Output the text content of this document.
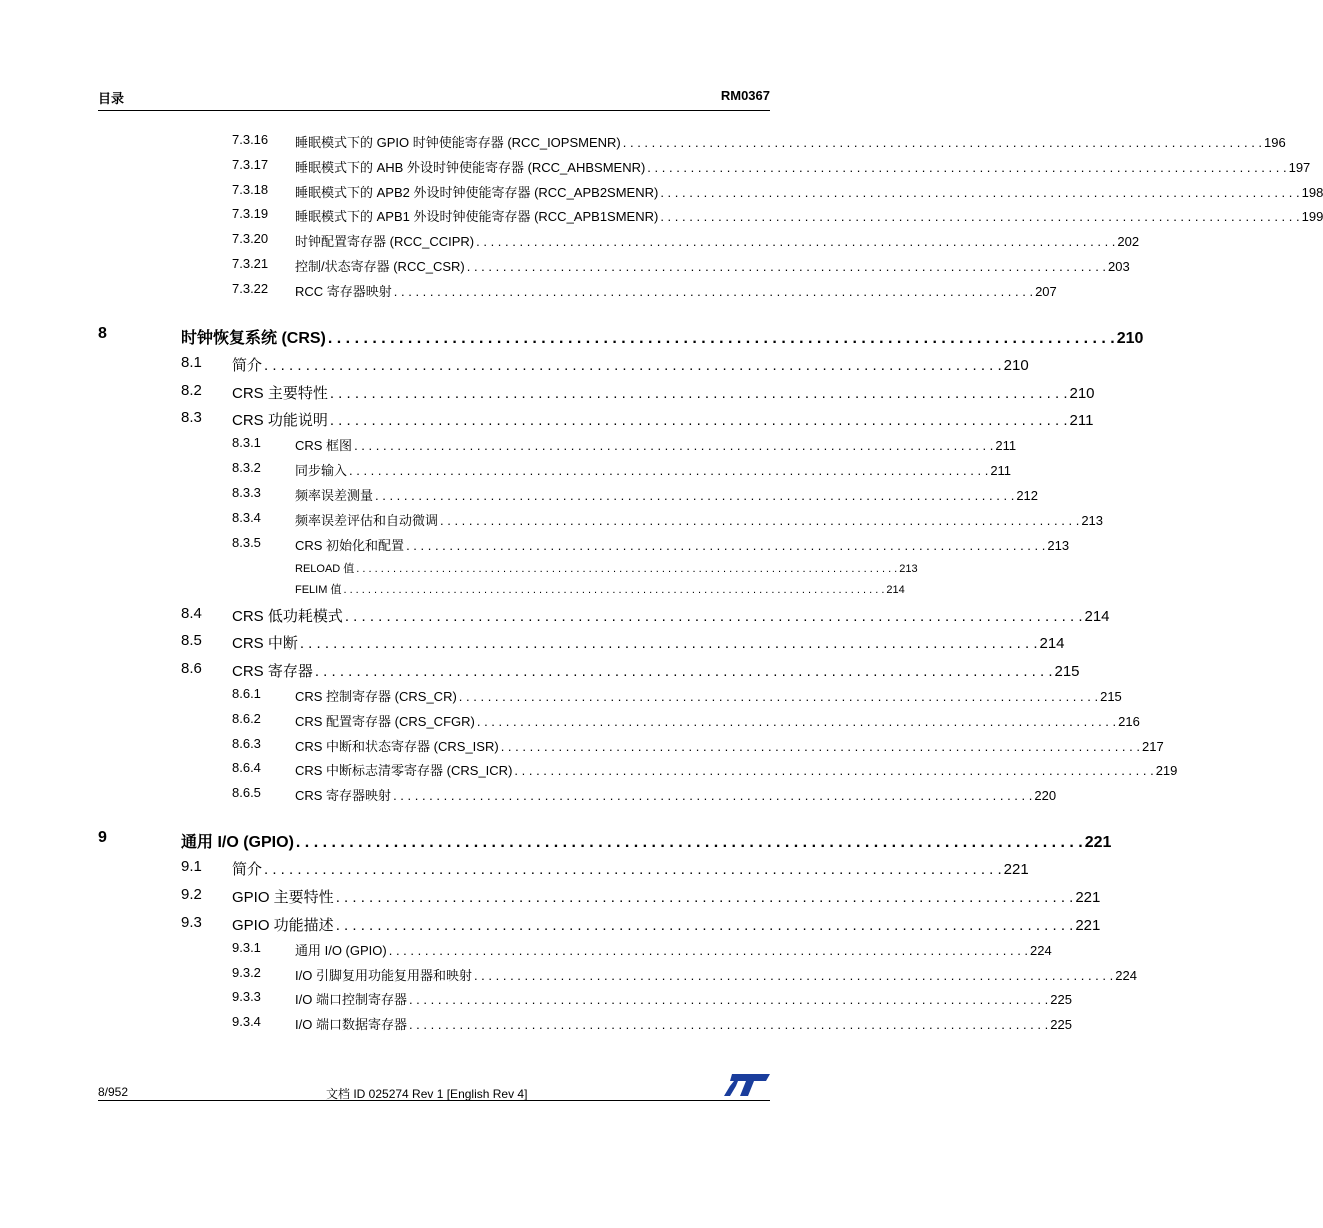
目录	RM0367
7.3.16 睡眠模式下的 GPIO 时钟使能寄存器 (RCC_IOPSMENR) . . . . . . . . . . . . . . . . . . . . . . . . . . . . . . . . . . . . . . . . . . . . . . . . . . . . . . . . . . . . . . . . . . . . . . . . . . . . . . . . . . . . . . . . . 196
7.3.17 睡眠模式下的 AHB 外设时钟使能寄存器 (RCC_AHBSMENR) . . . . . . . . . . . . . . . . . . . . . . . . . . . . . . . . . . . . . . . . . . . . . . . . . . . . . . . . . . . . . . . . . . . . . . . . . . . . . . . . . . . . . . . . . 197
7.3.18 睡眠模式下的 APB2 外设时钟使能寄存器 (RCC_APB2SMENR) . . . . . . . . . . . . . . . . . . . . . . . . . . . . . . . . . . . . . . . . . . . . . . . . . . . . . . . . . . . . . . . . . . . . . . . . . . . . . . . . . . . . . . . . . 198
7.3.19 睡眠模式下的 APB1 外设时钟使能寄存器 (RCC_APB1SMENR) . . . . . . . . . . . . . . . . . . . . . . . . . . . . . . . . . . . . . . . . . . . . . . . . . . . . . . . . . . . . . . . . . . . . . . . . . . . . . . . . . . . . . . . . . 199
7.3.20 时钟配置寄存器 (RCC_CCIPR) . . . . . . . . . . . . . . . . . . . . . . . . . . . . . . . . . . . . . . . . . . . . . . . . . . . . . . . . . . . . . . . . . . . . . . . . . . . . . . . . . . . . . . . . . 202
7.3.21 控制/状态寄存器 (RCC_CSR) . . . . . . . . . . . . . . . . . . . . . . . . . . . . . . . . . . . . . . . . . . . . . . . . . . . . . . . . . . . . . . . . . . . . . . . . . . . . . . . . . . . . . . . . . 203
7.3.22 RCC 寄存器映射 . . . . . . . . . . . . . . . . . . . . . . . . . . . . . . . . . . . . . . . . . . . . . . . . . . . . . . . . . . . . . . . . . . . . . . . . . . . . . . . . . . . . . . . . . 207
8	时钟恢复系统 (CRS) . . . . . . . . . . . . . . . . . . . . . . . . . . . . . . . . . . . . . . . . . . . . . . . . . . . . . . . . . . . . . . . . . . . . . . . . . . . . . . . . . . . . . . . . . 210
8.1 简介 . . . . . . . . . . . . . . . . . . . . . . . . . . . . . . . . . . . . . . . . . . . . . . . . . . . . . . . . . . . . . . . . . . . . . . . . . . . . . . . . . . . . . . . . . 210
8.2 CRS 主要特性 . . . . . . . . . . . . . . . . . . . . . . . . . . . . . . . . . . . . . . . . . . . . . . . . . . . . . . . . . . . . . . . . . . . . . . . . . . . . . . . . . . . . . . . . . 210
8.3 CRS 功能说明 . . . . . . . . . . . . . . . . . . . . . . . . . . . . . . . . . . . . . . . . . . . . . . . . . . . . . . . . . . . . . . . . . . . . . . . . . . . . . . . . . . . . . . . . . 211
8.3.1	CRS 框图 . . . . . . . . . . . . . . . . . . . . . . . . . . . . . . . . . . . . . . . . . . . . . . . . . . . . . . . . . . . . . . . . . . . . . . . . . . . . . . . . . . . . . . . . . 211
8.3.2	同步输入 . . . . . . . . . . . . . . . . . . . . . . . . . . . . . . . . . . . . . . . . . . . . . . . . . . . . . . . . . . . . . . . . . . . . . . . . . . . . . . . . . . . . . . . . . 211
8.3.3	频率误差测量 . . . . . . . . . . . . . . . . . . . . . . . . . . . . . . . . . . . . . . . . . . . . . . . . . . . . . . . . . . . . . . . . . . . . . . . . . . . . . . . . . . . . . . . . . 212
8.3.4	频率误差评估和自动微调 . . . . . . . . . . . . . . . . . . . . . . . . . . . . . . . . . . . . . . . . . . . . . . . . . . . . . . . . . . . . . . . . . . . . . . . . . . . . . . . . . . . . . . . . . 213
8.3.5	CRS 初始化和配置 . . . . . . . . . . . . . . . . . . . . . . . . . . . . . . . . . . . . . . . . . . . . . . . . . . . . . . . . . . . . . . . . . . . . . . . . . . . . . . . . . . . . . . . . . 213
RELOAD 值 . . . . . . . . . . . . . . . . . . . . . . . . . . . . . . . . . . . . . . . . . . . . . . . . . . . . . . . . . . . . . . . . . . . . . . . . . . . . . . . . . . . . . . . . . 213
FELIM 值 . . . . . . . . . . . . . . . . . . . . . . . . . . . . . . . . . . . . . . . . . . . . . . . . . . . . . . . . . . . . . . . . . . . . . . . . . . . . . . . . . . . . . . . . . 214
8.4 CRS 低功耗模式 . . . . . . . . . . . . . . . . . . . . . . . . . . . . . . . . . . . . . . . . . . . . . . . . . . . . . . . . . . . . . . . . . . . . . . . . . . . . . . . . . . . . . . . . . 214
8.5 CRS 中断 . . . . . . . . . . . . . . . . . . . . . . . . . . . . . . . . . . . . . . . . . . . . . . . . . . . . . . . . . . . . . . . . . . . . . . . . . . . . . . . . . . . . . . . . . 214
8.6 CRS 寄存器 . . . . . . . . . . . . . . . . . . . . . . . . . . . . . . . . . . . . . . . . . . . . . . . . . . . . . . . . . . . . . . . . . . . . . . . . . . . . . . . . . . . . . . . . . 215
8.6.1	CRS 控制寄存器 (CRS_CR) . . . . . . . . . . . . . . . . . . . . . . . . . . . . . . . . . . . . . . . . . . . . . . . . . . . . . . . . . . . . . . . . . . . . . . . . . . . . . . . . . . . . . . . . . 215
8.6.2	CRS 配置寄存器 (CRS_CFGR) . . . . . . . . . . . . . . . . . . . . . . . . . . . . . . . . . . . . . . . . . . . . . . . . . . . . . . . . . . . . . . . . . . . . . . . . . . . . . . . . . . . . . . . . . 216
8.6.3	CRS 中断和状态寄存器 (CRS_ISR) . . . . . . . . . . . . . . . . . . . . . . . . . . . . . . . . . . . . . . . . . . . . . . . . . . . . . . . . . . . . . . . . . . . . . . . . . . . . . . . . . . . . . . . . . 217
8.6.4	CRS 中断标志清零寄存器 (CRS_ICR) . . . . . . . . . . . . . . . . . . . . . . . . . . . . . . . . . . . . . . . . . . . . . . . . . . . . . . . . . . . . . . . . . . . . . . . . . . . . . . . . . . . . . . . . . 219
8.6.5	CRS 寄存器映射 . . . . . . . . . . . . . . . . . . . . . . . . . . . . . . . . . . . . . . . . . . . . . . . . . . . . . . . . . . . . . . . . . . . . . . . . . . . . . . . . . . . . . . . . . 220
9	通用 I/O (GPIO) . . . . . . . . . . . . . . . . . . . . . . . . . . . . . . . . . . . . . . . . . . . . . . . . . . . . . . . . . . . . . . . . . . . . . . . . . . . . . . . . . . . . . . . . . 221
9.1 简介 . . . . . . . . . . . . . . . . . . . . . . . . . . . . . . . . . . . . . . . . . . . . . . . . . . . . . . . . . . . . . . . . . . . . . . . . . . . . . . . . . . . . . . . . . 221
9.2 GPIO 主要特性 . . . . . . . . . . . . . . . . . . . . . . . . . . . . . . . . . . . . . . . . . . . . . . . . . . . . . . . . . . . . . . . . . . . . . . . . . . . . . . . . . . . . . . . . . 221
9.3 GPIO 功能描述 . . . . . . . . . . . . . . . . . . . . . . . . . . . . . . . . . . . . . . . . . . . . . . . . . . . . . . . . . . . . . . . . . . . . . . . . . . . . . . . . . . . . . . . . . 221
9.3.1	通用 I/O (GPIO) . . . . . . . . . . . . . . . . . . . . . . . . . . . . . . . . . . . . . . . . . . . . . . . . . . . . . . . . . . . . . . . . . . . . . . . . . . . . . . . . . . . . . . . . . 224
9.3.2	I/O 引脚复用功能复用器和映射 . . . . . . . . . . . . . . . . . . . . . . . . . . . . . . . . . . . . . . . . . . . . . . . . . . . . . . . . . . . . . . . . . . . . . . . . . . . . . . . . . . . . . . . . . 224
9.3.3	I/O 端口控制寄存器 . . . . . . . . . . . . . . . . . . . . . . . . . . . . . . . . . . . . . . . . . . . . . . . . . . . . . . . . . . . . . . . . . . . . . . . . . . . . . . . . . . . . . . . . . 225
9.3.4	I/O 端口数据寄存器 . . . . . . . . . . . . . . . . . . . . . . . . . . . . . . . . . . . . . . . . . . . . . . . . . . . . . . . . . . . . . . . . . . . . . . . . . . . . . . . . . . . . . . . . . 225
8/952	文档 ID 025274 Rev 1 [English Rev 4]
